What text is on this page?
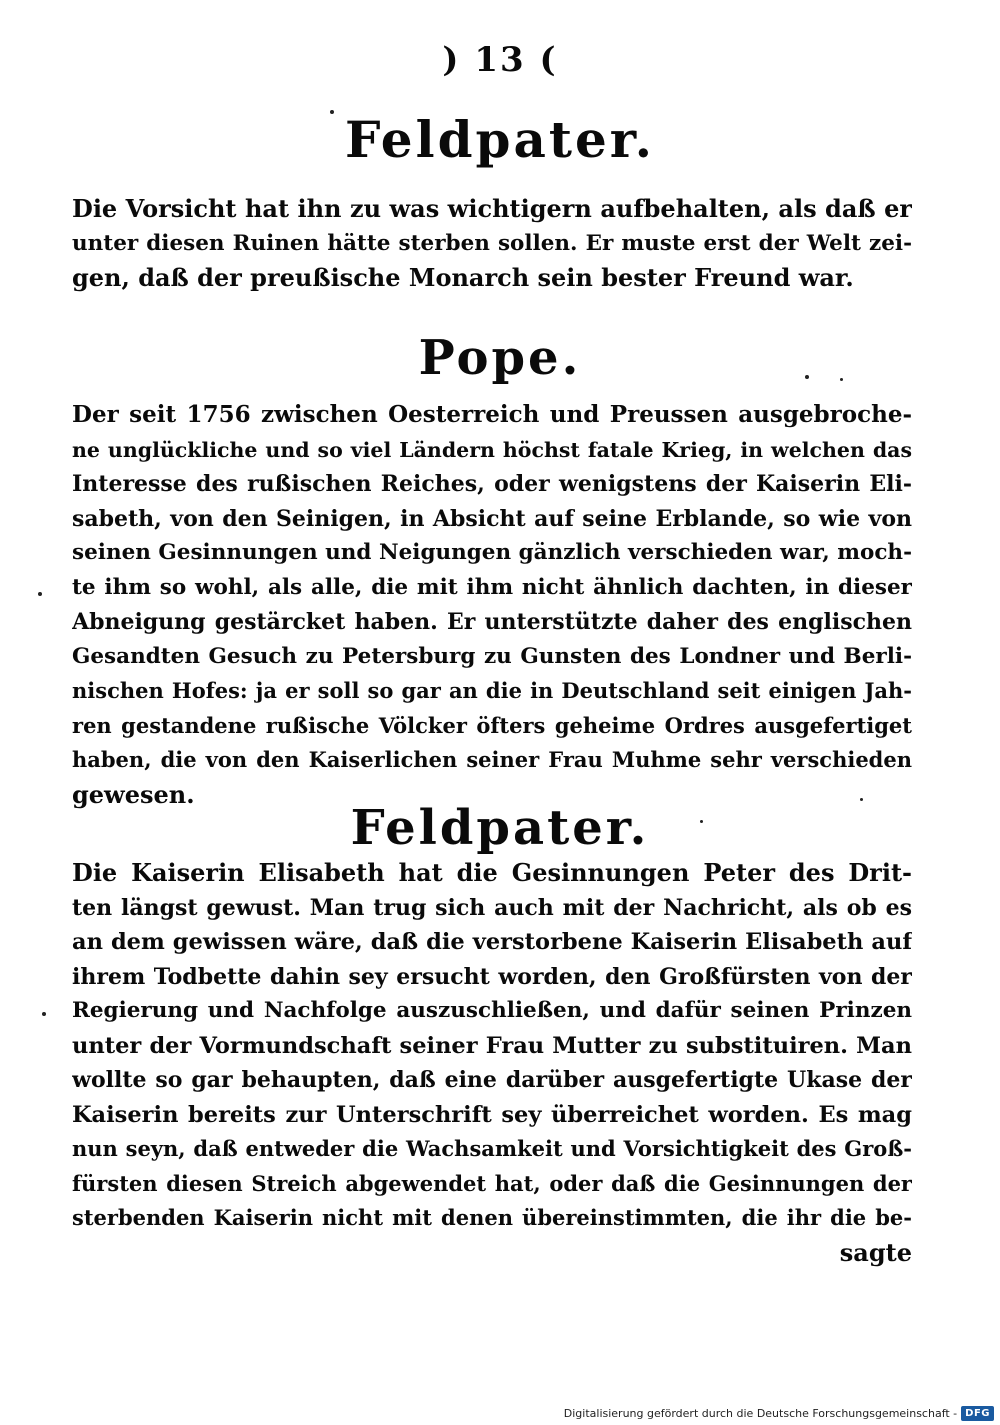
) 13 (
Feldpater.
Die Vorsicht hat ihn zu was wichtigern aufbehalten, als daß er
unter diesen Ruinen hätte sterben sollen. Er muste erst der Welt zei-
gen, daß der preußische Monarch sein bester Freund war.
Pope.
Der seit 1756 zwischen Oesterreich und Preussen ausgebroche-
ne unglückliche und so viel Ländern höchst fatale Krieg, in welchen das
Interesse des rußischen Reiches, oder wenigstens der Kaiserin Eli-
sabeth, von den Seinigen, in Absicht auf seine Erblande, so wie von
seinen Gesinnungen und Neigungen gänzlich verschieden war, moch-
te ihm so wohl, als alle, die mit ihm nicht ähnlich dachten, in dieser
Abneigung gestärcket haben. Er unterstützte daher des englischen
Gesandten Gesuch zu Petersburg zu Gunsten des Londner und Berli-
nischen Hofes: ja er soll so gar an die in Deutschland seit einigen Jah-
ren gestandene rußische Völcker öfters geheime Ordres ausgefertiget
haben, die von den Kaiserlichen seiner Frau Muhme sehr verschieden
gewesen.
Feldpater.
Die Kaiserin Elisabeth hat die Gesinnungen Peter des Drit-
ten längst gewust. Man trug sich auch mit der Nachricht, als ob es
an dem gewissen wäre, daß die verstorbene Kaiserin Elisabeth auf
ihrem Todbette dahin sey ersucht worden, den Großfürsten von der
Regierung und Nachfolge auszuschließen, und dafür seinen Prinzen
unter der Vormundschaft seiner Frau Mutter zu substituiren. Man
wollte so gar behaupten, daß eine darüber ausgefertigte Ukase der
Kaiserin bereits zur Unterschrift sey überreichet worden. Es mag
nun seyn, daß entweder die Wachsamkeit und Vorsichtigkeit des Groß-
fürsten diesen Streich abgewendet hat, oder daß die Gesinnungen der
sterbenden Kaiserin nicht mit denen übereinstimmten, die ihr die be-
sagte
Digitalisierung gefördert durch die Deutsche Forschungsgemeinschaft - DFG
